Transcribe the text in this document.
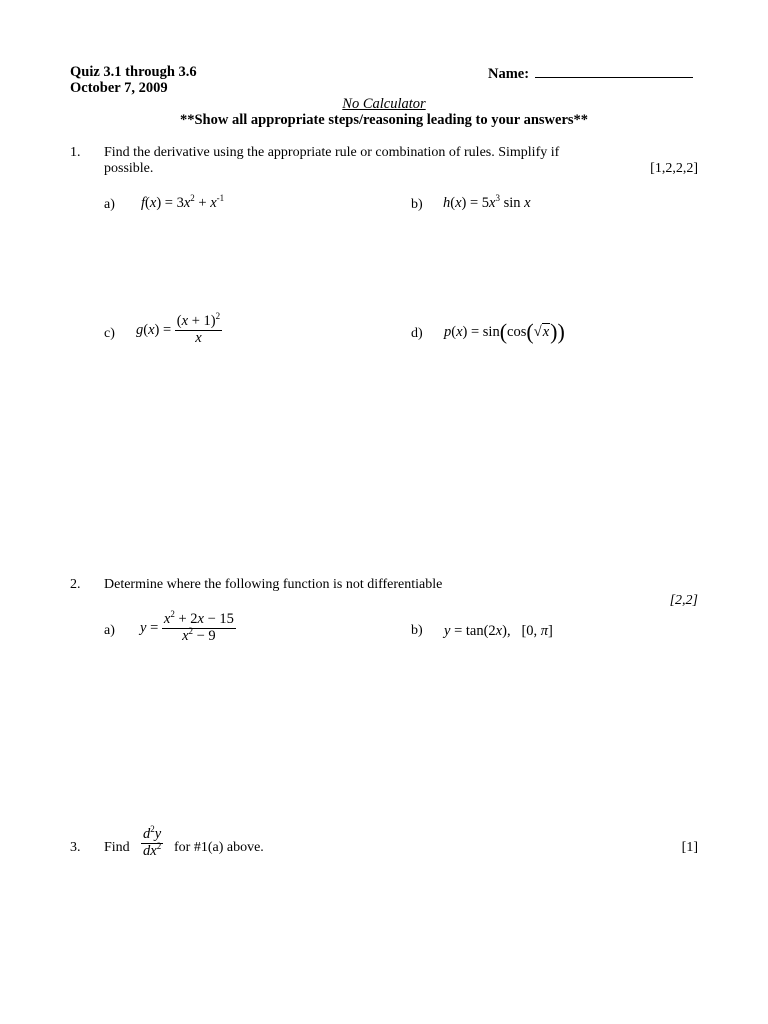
Quiz 3.1 through 3.6
October 7, 2009
Name:
No Calculator
**Show all appropriate steps/reasoning leading to your answers**
1. Find the derivative using the appropriate rule or combination of rules. Simplify if
possible.	[1,2,2,2]
a) $f(x) = 3x^2 + x^{-1}$	b) $h(x) = 5x^3$ sin x
c) $g(x) = \frac{(x + 1)^2}{x}$	d) p(x) = sin(cos(√x))
2. Determine where the following function is not differentiable
[2,2]
a) $y = \frac{x^2 + 2x - 15}{x^2 - 9}$	b) y = tan(2x),   [0, π]
3. Find $\frac{d^2y}{dx^2}$ for #1(a) above.	[1]
